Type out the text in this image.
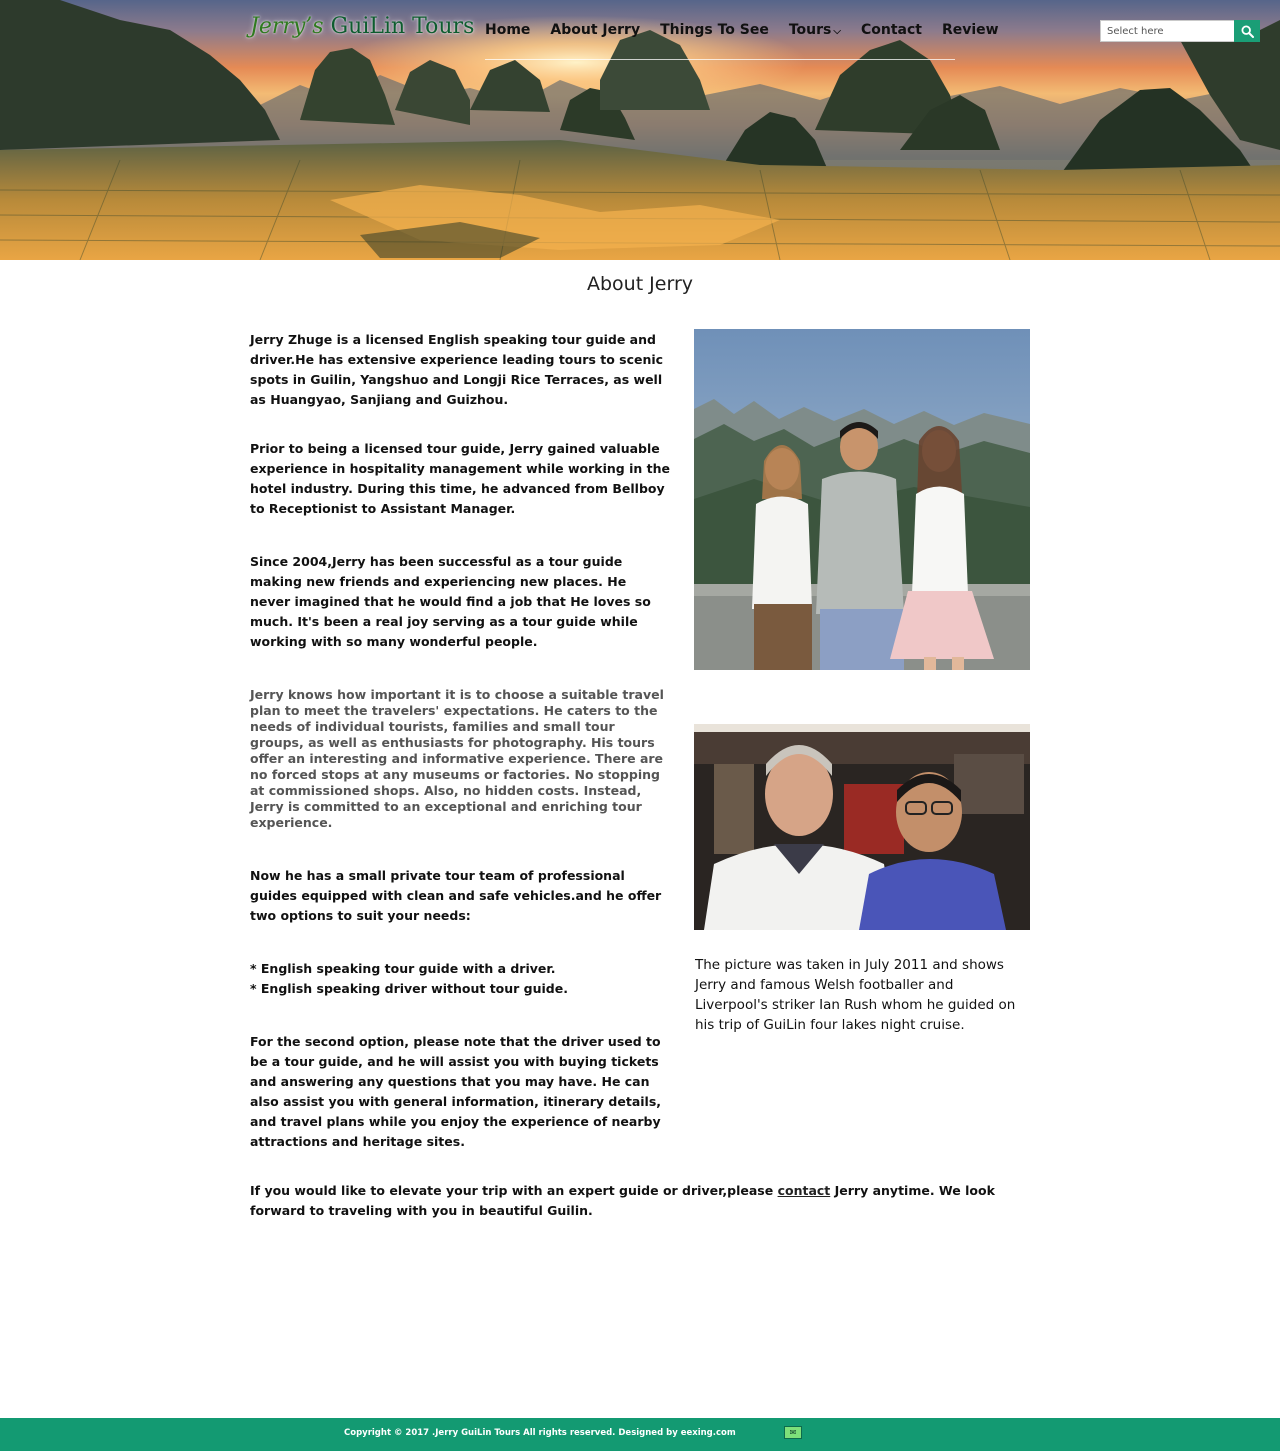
Jerry’s GuiLin Tours Home	About Jerry	Things To See	Tours ⌵	Contact	Review
Select here
About Jerry

Jerry Zhuge is a licensed English speaking tour guide and driver.He has extensive experience leading tours to scenic spots in Guilin, Yangshuo and Longji Rice Terraces, as well as Huangyao, Sanjiang and Guizhou.

Prior to being a licensed tour guide, Jerry gained valuable experience in hospitality management while working in the hotel industry. During this time, he advanced from Bellboy to Receptionist to Assistant Manager.

Since 2004,Jerry has been successful as a tour guide making new friends and experiencing new places. He never imagined that he would find a job that He loves so much. It's been a real joy serving as a tour guide while working with so many wonderful people.

Jerry knows how important it is to choose a suitable travel plan to meet the travelers' expectations. He caters to the needs of individual tourists, families and small tour groups, as well as enthusiasts for photography. His tours offer an interesting and informative experience. There are no forced stops at any museums or factories. No stopping at commissioned shops. Also, no hidden costs. Instead, Jerry is committed to an exceptional and enriching tour experience.

Now he has a small private tour team of professional guides equipped with clean and safe vehicles.and he offer two options to suit your needs:

* English speaking tour guide with a driver.

* English speaking driver without tour guide.

For the second option, please note that the driver used to be a tour guide, and he will assist you with buying tickets and answering any questions that you may have. He can also assist you with general information, itinerary details, and travel plans while you enjoy the experience of nearby attractions and heritage sites.

The picture was taken in July 2011 and shows Jerry and famous Welsh footballer and Liverpool's striker Ian Rush whom he guided on his trip of GuiLin four lakes night cruise.

If you would like to elevate your trip with an expert guide or driver,please contact Jerry anytime. We look forward to traveling with you in beautiful Guilin.

Copyright © 2017 .Jerry GuiLin Tours All rights reserved. Designed by eexing.com	✉
